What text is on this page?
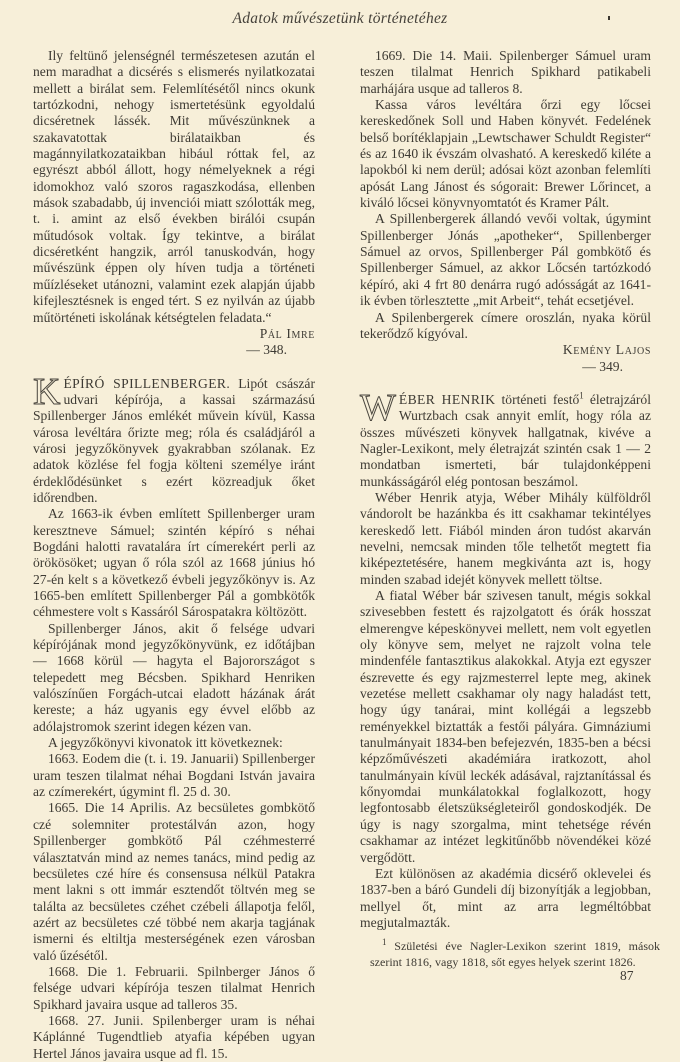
Adatok művészetünk történetéhez

Ily feltünő jelenségnél természetesen azután el nem maradhat a dicsérés s elismerés nyilatkozatai mellett a birálat sem. Felemlítésétől nincs okunk tartózkodni, nehogy ismertetésünk egyoldalú dicséretnek lássék. Mit művészünknek a szakavatottak birálataikban és magánnyilatkozataikban hibául róttak fel, az egyrészt abból állott, hogy némelyeknek a régi idomokhoz való szoros ragaszkodása, ellenben mások szabadabb, új invenciói miatt szólották meg, t. i. amint az első években birálói csupán műtudósok voltak. Így tekintve, a birálat dicséretként hangzik, arról tanuskodván, hogy művészünk éppen oly híven tudja a történeti műízléseket utánozni, valamint ezek alapján újabb kifejlesztésnek is enged tért. S ez nyilván az újabb műtörténeti iskolának kétségtelen feladata.“

Pál Imre
— 348.

KÉPÍRÓ SPILLENBERGER. Lipót császár udvari képírója, a kassai származású Spillenberger János emlékét művein kívül, Kassa városa levéltára őrizte meg; róla és családjáról a városi jegyzőkönyvek gyakrabban szólanak. Ez adatok közlése fel fogja költeni személye iránt érdeklődésünket s ezért közreadjuk őket időrendben.

Az 1663-ik évben említett Spillenberger uram keresztneve Sámuel; szintén képíró s néhai Bogdáni halotti ravatalára írt címerekért perli az örökösöket; ugyan ő róla szól az 1668 június hó 27-én kelt s a következő évbeli jegyzőkönyv is. Az 1665-ben említett Spillenberger Pál a gombkötők céhmestere volt s Kassáról Sárospatakra költözött.

Spillenberger János, akit ő felsége udvari képírójának mond jegyzőkönyvünk, ez időtájban — 1668 körül — hagyta el Bajorországot s telepedett meg Bécsben. Spikhard Henriken valószínűen Forgách-utcai eladott házának árát kereste; a ház ugyanis egy évvel előbb az adólajstromok szerint idegen kézen van.

A jegyzőkönyvi kivonatok itt következnek:

1663. Eodem die (t. i. 19. Januarii) Spillenberger uram teszen tilalmat néhai Bogdani István javaira az czímerekért, úgymint fl. 25 d. 30.

1665. Die 14 Aprilis. Az becsületes gombkötő czé solemniter protestálván azon, hogy Spillenberger gombkötő Pál czéhmesterré választatván mind az nemes tanács, mind pedig az becsületes czé híre és consensusa nélkül Patakra ment lakni s ott immár esztendőt töltvén meg se találta az becsületes czéhet czébeli állapotja felől, azért az becsületes czé többé nem akarja tagjának ismerni és eltiltja mesterségének ezen városban való űzésétől.

1668. Die 1. Februarii. Spilnberger János ő felsége udvari képírója teszen tilalmat Henrich Spikhard javaira usque ad talleros 35.

1668. 27. Junii. Spilenberger uram is néhai Káplánné Tugendtlieb atyafia képében ugyan Hertel János javaira usque ad fl. 15.

1669. Die 14. Maii. Spilenberger Sámuel uram teszen tilalmat Henrich Spikhard patikabeli marhájára usque ad talleros 8.

Kassa város levéltára őrzi egy lőcsei kereskedőnek Soll und Haben könyvét. Fedelének belső borítéklapjain „Lewtschawer Schuldt Register“ és az 1640 ik évszám olvasható. A kereskedő kiléte a lapokból ki nem derül; adósai közt azonban felemlíti apósát Lang Jánost és sógorait: Brewer Lőrincet, a kiváló lőcsei könyvnyomtatót és Kramer Pált.

A Spillenbergerek állandó vevői voltak, úgymint Spillenberger Jónás „apotheker“, Spillenberger Sámuel az orvos, Spillenberger Pál gombkötő és Spillenberger Sámuel, az akkor Lőcsén tartózkodó képíró, aki 4 frt 80 denárra rugó adósságát az 1641-ik évben törlesztette „mit Arbeit“, tehát ecsetjével.

A Spilenbergerek címere oroszlán, nyaka körül tekerődző kígyóval.

Kemény Lajos
— 349.

WÉBER HENRIK történeti festő$^1$ életrajzáról Wurtzbach csak annyit említ, hogy róla az összes művészeti könyvek hallgatnak, kivéve a Nagler-Lexikont, mely életrajzát szintén csak 1 — 2 mondatban ismerteti, bár tulajdonképpeni munkásságáról elég pontosan beszámol.

Wéber Henrik atyja, Wéber Mihály külföldről vándorolt be hazánkba és itt csakhamar tekintélyes kereskedő lett. Fiából minden áron tudóst akarván nevelni, nemcsak minden tőle telhetőt megtett fia kiképeztetésére, hanem megkivánta azt is, hogy minden szabad idejét könyvek mellett töltse.

A fiatal Wéber bár szivesen tanult, mégis sokkal szivesebben festett és rajzolgatott és órák hosszat elmerengve képeskönyvei mellett, nem volt egyetlen oly könyve sem, melyet ne rajzolt volna tele mindenféle fantasztikus alakokkal. Atyja ezt egyszer észrevette és egy rajzmesterrel lepte meg, akinek vezetése mellett csakhamar oly nagy haladást tett, hogy úgy tanárai, mint kollégái a legszebb reményekkel biztatták a festői pályára. Gimnáziumi tanulmányait 1834-ben befejezvén, 1835-ben a bécsi képzőművészeti akadémiára iratkozott, ahol tanulmányain kívül leckék adásával, rajztanítással és kőnyomdai munkálatokkal foglalkozott, hogy legfontosabb életszükségleteiről gondoskodjék. De úgy is nagy szorgalma, mint tehetsége révén csakhamar az intézet legkitűnőbb növendékei közé vergődött.

Ezt különösen az akadémia dicsérő oklevelei és 1837-ben a báró Gundeli díj bizonyítják a legjobban, mellyel őt, mint az arra legméltóbbat megjutalmazták.

$^1$ Születési éve Nagler-Lexikon szerint 1819, mások szerint 1816, vagy 1818, sőt egyes helyek szerint 1826.

87
